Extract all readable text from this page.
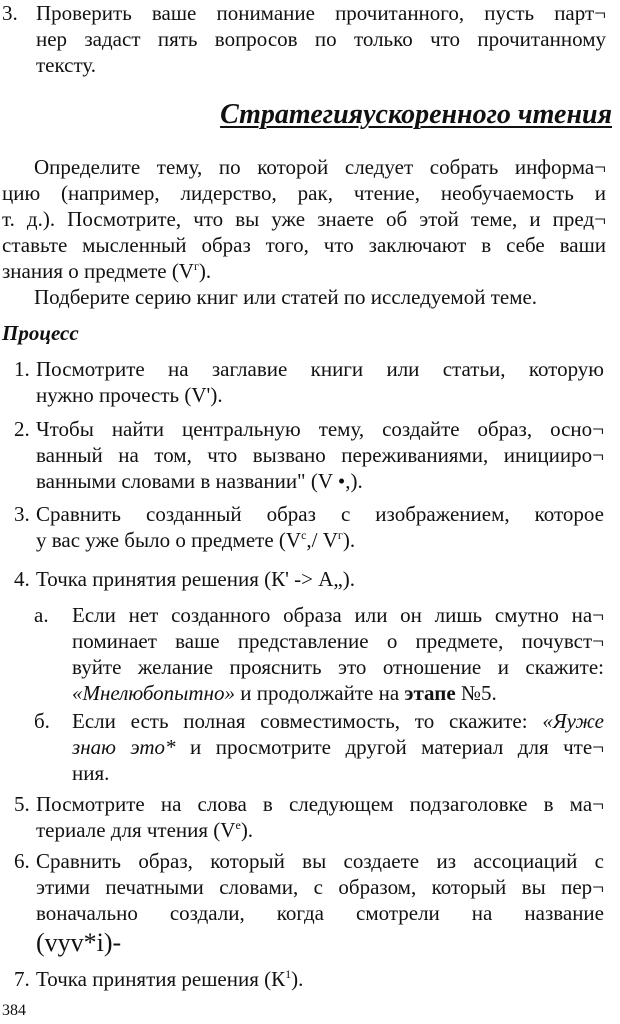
3. Проверить ваше понимание прочитанного, пусть парт¬
нер задаст пять вопросов по только что прочитанному
тексту.
Стратегияускоренного чтения
Определите тему, по которой следует собрать информа¬
цию (например, лидерство, рак, чтение, необучаемость и
т. д.). Посмотрите, что вы уже знаете об этой теме, и пред¬
ставьте мысленный образ того, что заключают в себе ваши
знания о предмете $(V^г)$.
Подберите серию книг или статей по исследуемой теме.
Процесс
1. Посмотрите на заглавие книги или статьи, которую
нужно прочесть (V').
2. Чтобы найти центральную тему, создайте образ, осно¬
ванный на том, что вызвано переживаниями, иницииро¬
ванными словами в названии" (V •,).
3. Сравнить созданный образ с изображением, которое
у вас уже было о предмете ($V^с,/$ $V^г$).
4. Точка принятия решения (К' -> А„).
а. Если нет созданного образа или он лишь смутно на¬
поминает ваше представление о предмете, почувст¬
вуйте желание прояснить это отношение и скажите:
«Мнелюбопытно» и продолжайте на этапе №5.
б. Если есть полная совместимость, то скажите: «Яуже
знаю это* и просмотрите другой материал для чте¬
ния.
5. Посмотрите на слова в следующем подзаголовке в ма¬
териале для чтения $(V^е)$.
6. Сравнить образ, который вы создаете из ассоциаций с
этими печатными словами, с образом, который вы пер¬
воначально создали, когда смотрели на название
(vyv*i)-
7. Точка принятия решения $(К^1)$.
384
